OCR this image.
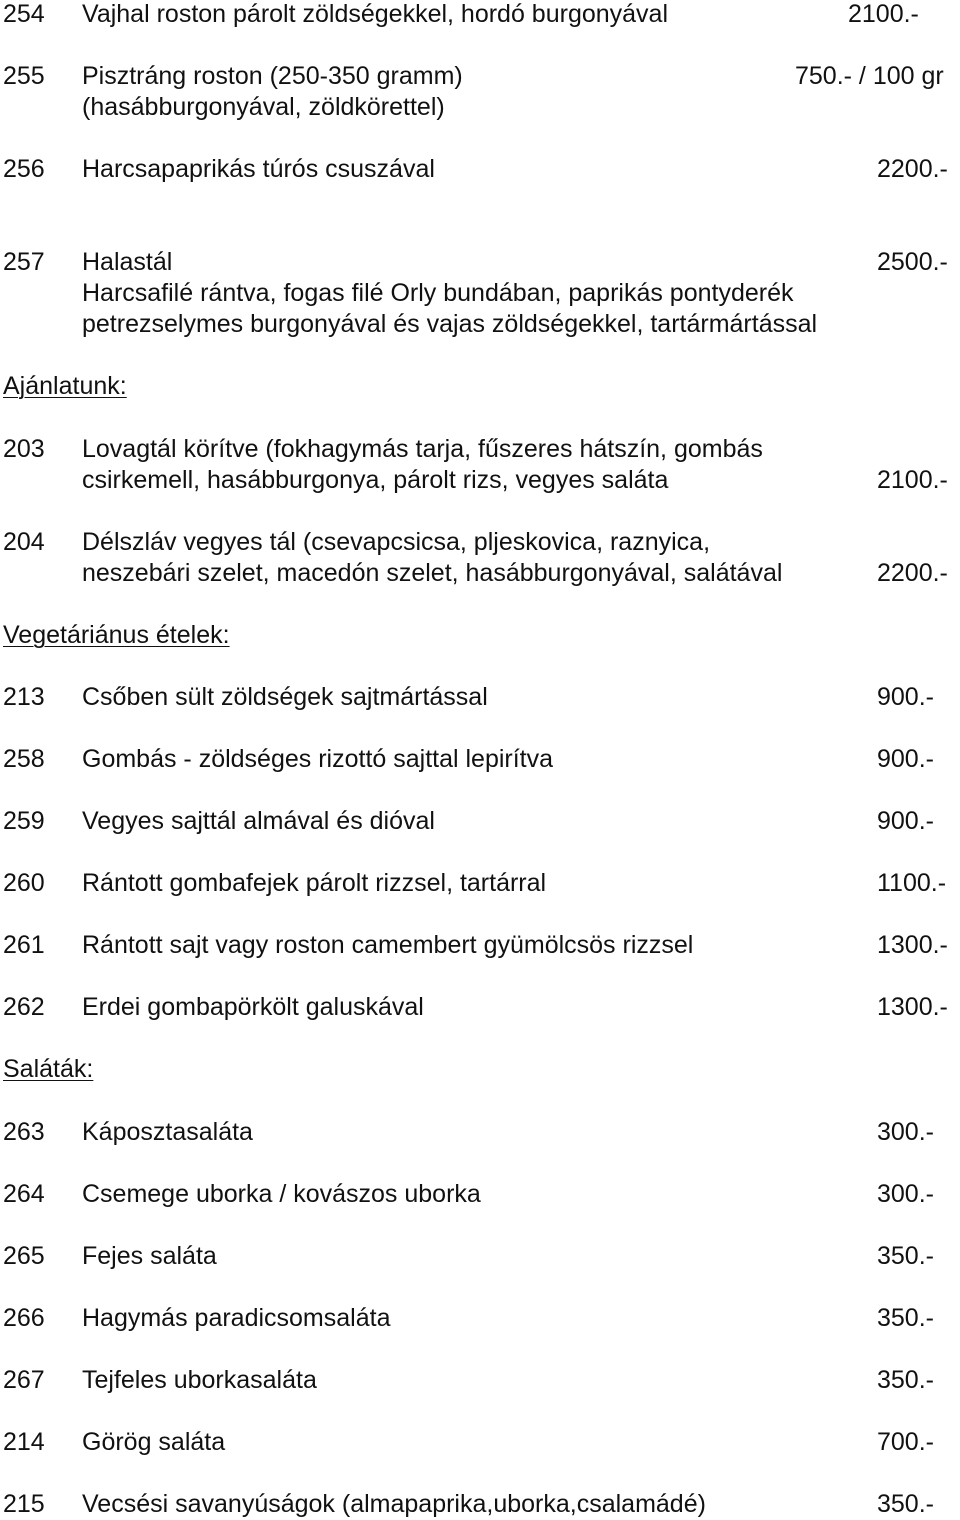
254 Vajhal roston párolt zöldségekkel, hordó burgonyával	2100.-
255 Pisztráng roston (250-350 gramm)	750.- / 100 gr
(hasábburgonyával, zöldkörettel)
256 Harcsapaprikás túrós csuszával	2200.-
257 Halastál	2500.-
Harcsafilé rántva, fogas filé Orly bundában, paprikás pontyderék
petrezselymes burgonyával és vajas zöldségekkel, tartármártással
Ajánlatunk:
203 Lovagtál körítve (fokhagymás tarja, fűszeres hátszín, gombás
csirkemell, hasábburgonya, párolt rizs, vegyes saláta	2100.-
204 Délszláv vegyes tál (csevapcsicsa, pljeskovica, raznyica,
neszebári szelet, macedón szelet, hasábburgonyával, salátával	2200.-
Vegetáriánus ételek:
213 Csőben sült zöldségek sajtmártással	900.-
258 Gombás - zöldséges rizottó sajttal lepirítva	900.-
259 Vegyes sajttál almával és dióval	900.-
260 Rántott gombafejek párolt rizzsel, tartárral	1100.-
261 Rántott sajt vagy roston camembert gyümölcsös rizzsel	1300.-
262 Erdei gombapörkölt galuskával	1300.-
Saláták:
263 Káposztasaláta	300.-
264 Csemege uborka / kovászos uborka	300.-
265 Fejes saláta	350.-
266 Hagymás paradicsomsaláta	350.-
267 Tejfeles uborkasaláta	350.-
214 Görög saláta	700.-
215 Vecsési savanyúságok (almapaprika,uborka,csalamádé)	350.-
